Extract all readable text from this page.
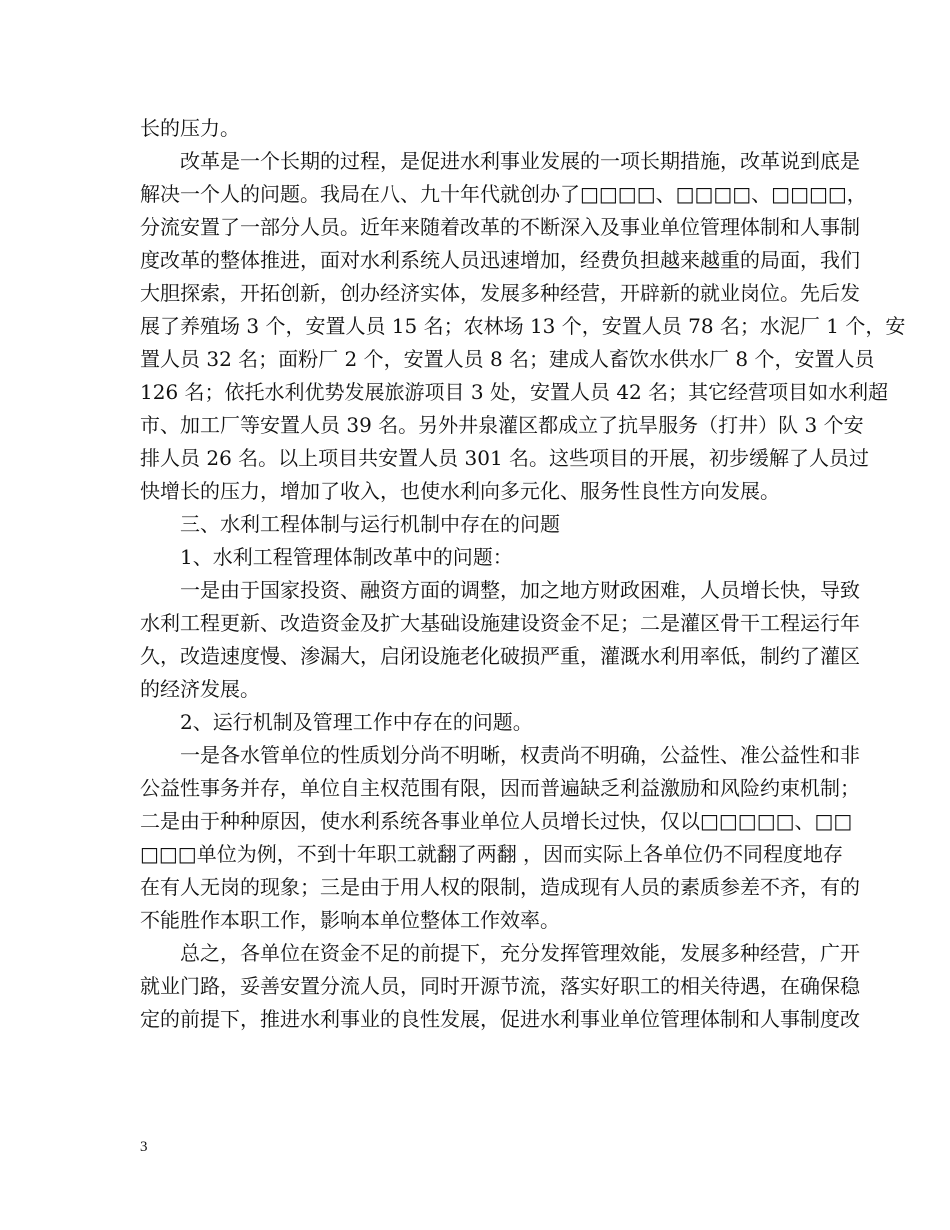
长的压力。
改革是一个长期的过程，是促进水利事业发展的一项长期措施，改革说到底是
解决一个人的问题。我局在八、九十年代就创办了□□□□、□□□□、□□□□，
分流安置了一部分人员。近年来随着改革的不断深入及事业单位管理体制和人事制
度改革的整体推进，面对水利系统人员迅速增加，经费负担越来越重的局面，我们
大胆探索，开拓创新，创办经济实体，发展多种经营，开辟新的就业岗位。先后发
展了养殖场 3 个，安置人员 15 名；农林场 13 个，安置人员 78 名；水泥厂 1 个，安
置人员 32 名；面粉厂 2 个，安置人员 8 名；建成人畜饮水供水厂 8 个，安置人员
126 名；依托水利优势发展旅游项目 3 处，安置人员 42 名；其它经营项目如水利超
市、加工厂等安置人员 39 名。另外井泉灌区都成立了抗旱服务（打井）队 3 个安
排人员 26 名。以上项目共安置人员 301 名。这些项目的开展，初步缓解了人员过
快增长的压力，增加了收入，也使水利向多元化、服务性良性方向发展。
三、水利工程体制与运行机制中存在的问题
1、水利工程管理体制改革中的问题：
一是由于国家投资、融资方面的调整，加之地方财政困难，人员增长快，导致
水利工程更新、改造资金及扩大基础设施建设资金不足；二是灌区骨干工程运行年
久，改造速度慢、渗漏大，启闭设施老化破损严重，灌溉水利用率低，制约了灌区
的经济发展。
2、运行机制及管理工作中存在的问题。
一是各水管单位的性质划分尚不明晰，权责尚不明确，公益性、准公益性和非
公益性事务并存，单位自主权范围有限，因而普遍缺乏利益激励和风险约束机制；
二是由于种种原因，使水利系统各事业单位人员增长过快，仅以□□□□□、□□
□□□单位为例，不到十年职工就翻了两翻 ，因而实际上各单位仍不同程度地存
在有人无岗的现象；三是由于用人权的限制，造成现有人员的素质参差不齐，有的
不能胜作本职工作，影响本单位整体工作效率。
总之，各单位在资金不足的前提下，充分发挥管理效能，发展多种经营，广开
就业门路，妥善安置分流人员，同时开源节流，落实好职工的相关待遇，在确保稳
定的前提下，推进水利事业的良性发展，促进水利事业单位管理体制和人事制度改
3
